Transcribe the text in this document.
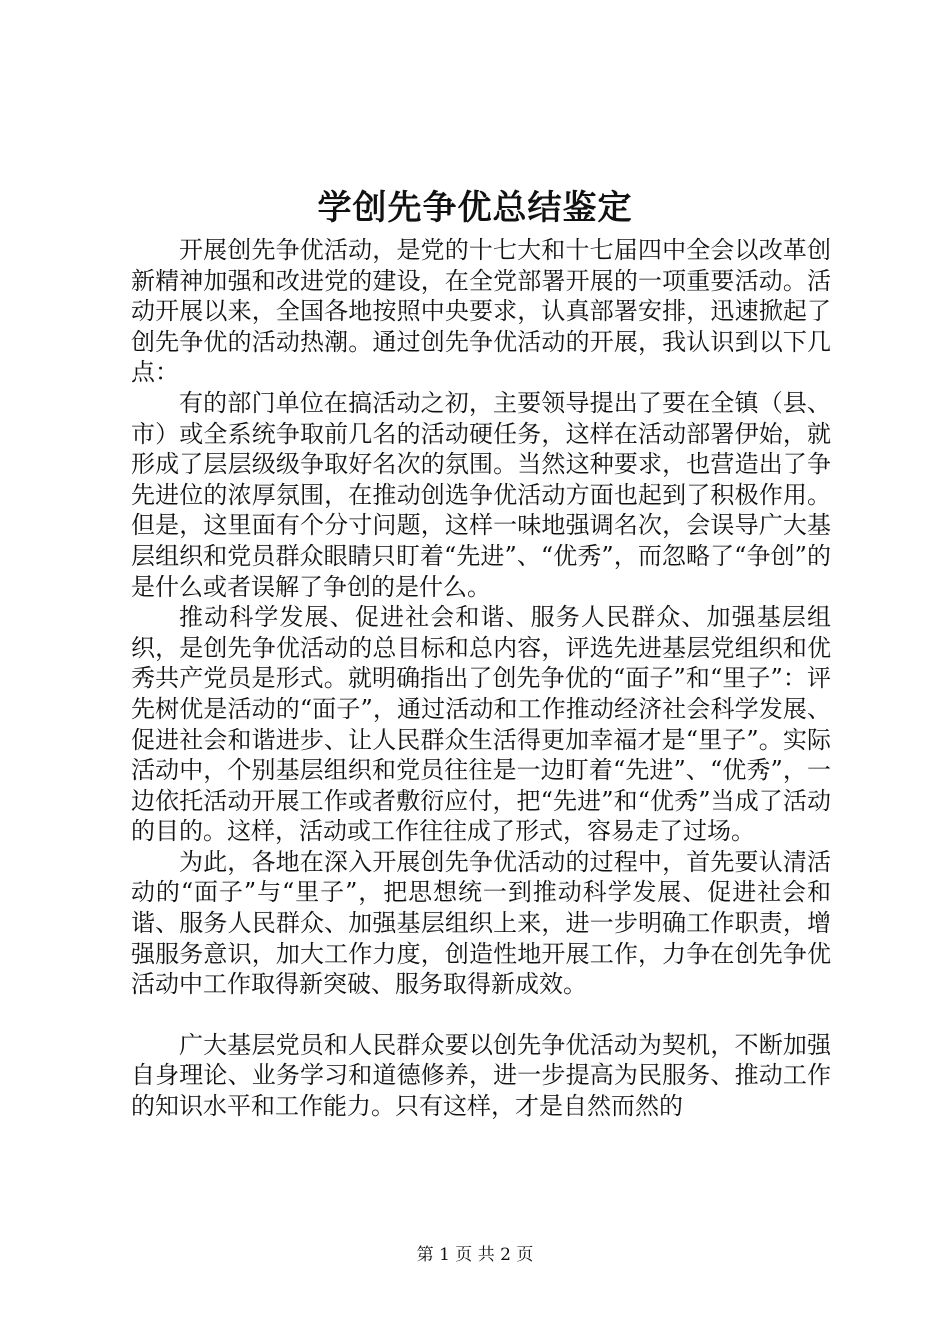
学创先争优总结鉴定

开展创先争优活动，是党的十七大和十七届四中全会以改革创新精神加强和改进党的建设，在全党部署开展的一项重要活动。活动开展以来，全国各地按照中央要求，认真部署安排，迅速掀起了创先争优的活动热潮。通过创先争优活动的开展，我认识到以下几点：

有的部门单位在搞活动之初，主要领导提出了要在全镇（县、市）或全系统争取前几名的活动硬任务，这样在活动部署伊始，就形成了层层级级争取好名次的氛围。当然这种要求，也营造出了争先进位的浓厚氛围，在推动创选争优活动方面也起到了积极作用。但是，这里面有个分寸问题，这样一味地强调名次，会误导广大基层组织和党员群众眼睛只盯着“先进”、“优秀”，而忽略了“争创”的是什么或者误解了争创的是什么。

推动科学发展、促进社会和谐、服务人民群众、加强基层组织，是创先争优活动的总目标和总内容，评选先进基层党组织和优秀共产党员是形式。就明确指出了创先争优的“面子”和“里子”：评先树优是活动的“面子”，通过活动和工作推动经济社会科学发展、促进社会和谐进步、让人民群众生活得更加幸福才是“里子”。实际活动中，个别基层组织和党员往往是一边盯着“先进”、“优秀”，一边依托活动开展工作或者敷衍应付，把“先进”和“优秀”当成了活动的目的。这样，活动或工作往往成了形式，容易走了过场。

为此，各地在深入开展创先争优活动的过程中，首先要认清活动的“面子”与“里子”，把思想统一到推动科学发展、促进社会和谐、服务人民群众、加强基层组织上来，进一步明确工作职责，增强服务意识，加大工作力度，创造性地开展工作，力争在创先争优活动中工作取得新突破、服务取得新成效。

广大基层党员和人民群众要以创先争优活动为契机，不断加强自身理论、业务学习和道德修养，进一步提高为民服务、推动工作的知识水平和工作能力。只有这样，才是自然而然的

第 1 页 共 2 页
